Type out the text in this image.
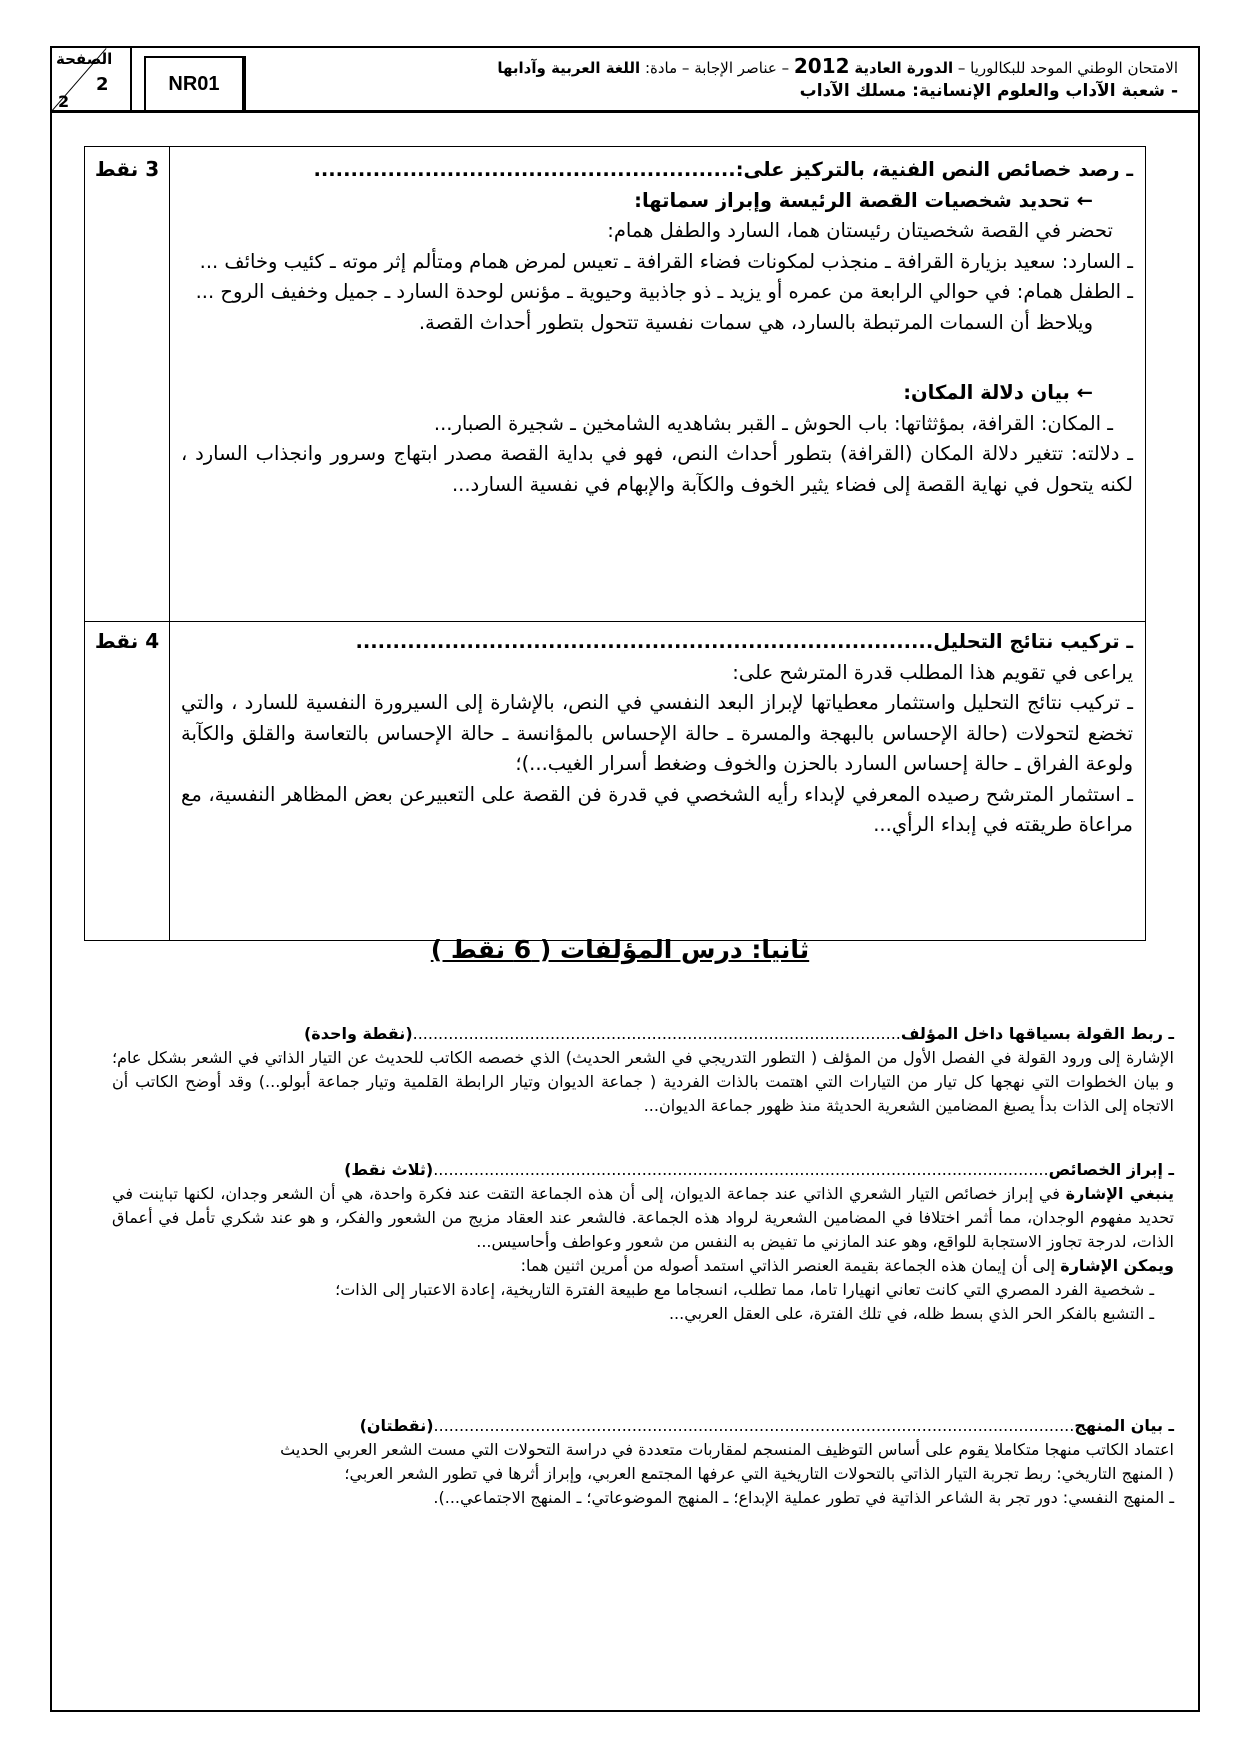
الصفحة
2
2
NR01
الامتحان الوطني الموحد للبكالوريا – الدورة العادية 2012 – عناصر الإجابة – مادة: اللغة العربية وآدابها
- شعبة الآداب والعلوم الإنسانية: مسلك الآداب
3 نقط	ـ رصد خصائص النص الفنية، بالتركيز على:.........................................................

← تحديد شخصيات القصة الرئيسة وإبراز سماتها:

تحضر في القصة شخصيتان رئيستان هما، السارد والطفل همام:

ـ السارد: سعيد بزيارة القرافة ـ منجذب لمكونات فضاء القرافة ـ تعيس لمرض همام ومتألم إثر موته ـ كئيب وخائف ...

ـ الطفل همام: في حوالي الرابعة من عمره أو يزيد ـ ذو جاذبية وحيوية ـ مؤنس لوحدة السارد ـ جميل وخفيف الروح ...

ويلاحظ أن السمات المرتبطة بالسارد، هي سمات نفسية تتحول بتطور أحداث القصة.

← بيان دلالة المكان:

ـ المكان: القرافة، بمؤثثاتها: باب الحوش ـ القبر بشاهديه الشامخين ـ شجيرة الصبار...

ـ دلالته: تتغير دلالة المكان (القرافة) بتطور أحداث النص، فهو في بداية القصة مصدر ابتهاج وسرور وانجذاب السارد ، لكنه يتحول في نهاية القصة إلى فضاء يثير الخوف والكآبة والإبهام في نفسية السارد...

4 نقط	ـ تركيب نتائج التحليل..............................................................................

يراعى في تقويم هذا المطلب قدرة المترشح على:

ـ تركيب نتائج التحليل واستثمار معطياتها لإبراز البعد النفسي في النص، بالإشارة إلى السيرورة النفسية للسارد ، والتي تخضع لتحولات (حالة الإحساس بالبهجة والمسرة ـ حالة الإحساس بالمؤانسة ـ حالة الإحساس بالتعاسة والقلق والكآبة ولوعة الفراق ـ حالة إحساس السارد بالحزن والخوف وضغط أسرار الغيب...)؛

ـ استثمار المترشح رصيده المعرفي لإبداء رأيه الشخصي في قدرة فن القصة على التعبيرعن بعض المظاهر النفسية، مع مراعاة طريقته في إبداء الرأي...

ثانيا: درس المؤلفات ( 6 نقط )

ـ ربط القولة بسياقها داخل المؤلف................................................................................................(نقطة واحدة)

الإشارة إلى ورود القولة في الفصل الأول من المؤلف ( التطور التدريجي في الشعر الحديث) الذي خصصه الكاتب للحديث عن التيار الذاتي في الشعر بشكل عام؛ و بيان الخطوات التي نهجها كل تيار من التيارات التي اهتمت بالذات الفردية ( جماعة الديوان وتيار الرابطة القلمية وتيار جماعة أبولو...) وقد أوضح الكاتب أن الاتجاه إلى الذات بدأ يصبغ المضامين الشعرية الحديثة منذ ظهور جماعة الديوان...

ـ إبراز الخصائص.........................................................................................................................(ثلاث نقط)

ينبغي الإشارة في إبراز خصائص التيار الشعري الذاتي عند جماعة الديوان، إلى أن هذه الجماعة التقت عند فكرة واحدة، هي أن الشعر وجدان، لكنها تباينت في تحديد مفهوم الوجدان، مما أثمر اختلافا في المضامين الشعرية لرواد هذه الجماعة. فالشعر عند العقاد مزيج من الشعور والفكر، و هو عند شكري تأمل في أعماق الذات، لدرجة تجاوز الاستجابة للواقع، وهو عند المازني ما تفيض به النفس من شعور وعواطف وأحاسيس...

ويمكن الإشارة إلى أن إيمان هذه الجماعة بقيمة العنصر الذاتي استمد أصوله من أمرين اثنين هما:

ـ شخصية الفرد المصري التي كانت تعاني انهيارا تاما، مما تطلب، انسجاما مع طبيعة الفترة التاريخية، إعادة الاعتبار إلى الذات؛

ـ التشبع بالفكر الحر الذي بسط ظله، في تلك الفترة، على العقل العربي...

ـ بيان المنهج..............................................................................................................................(نقطتان)

اعتماد الكاتب منهجا متكاملا يقوم على أساس التوظيف المنسجم لمقاربات متعددة في دراسة التحولات التي مست الشعر العربي الحديث

( المنهج التاريخي: ربط تجربة التيار الذاتي بالتحولات التاريخية التي عرفها المجتمع العربي، وإبراز أثرها في تطور الشعر العربي؛

ـ المنهج النفسي: دور تجر بة الشاعر الذاتية في تطور عملية الإبداع؛ ـ المنهج الموضوعاتي؛ ـ المنهج الاجتماعي...).
